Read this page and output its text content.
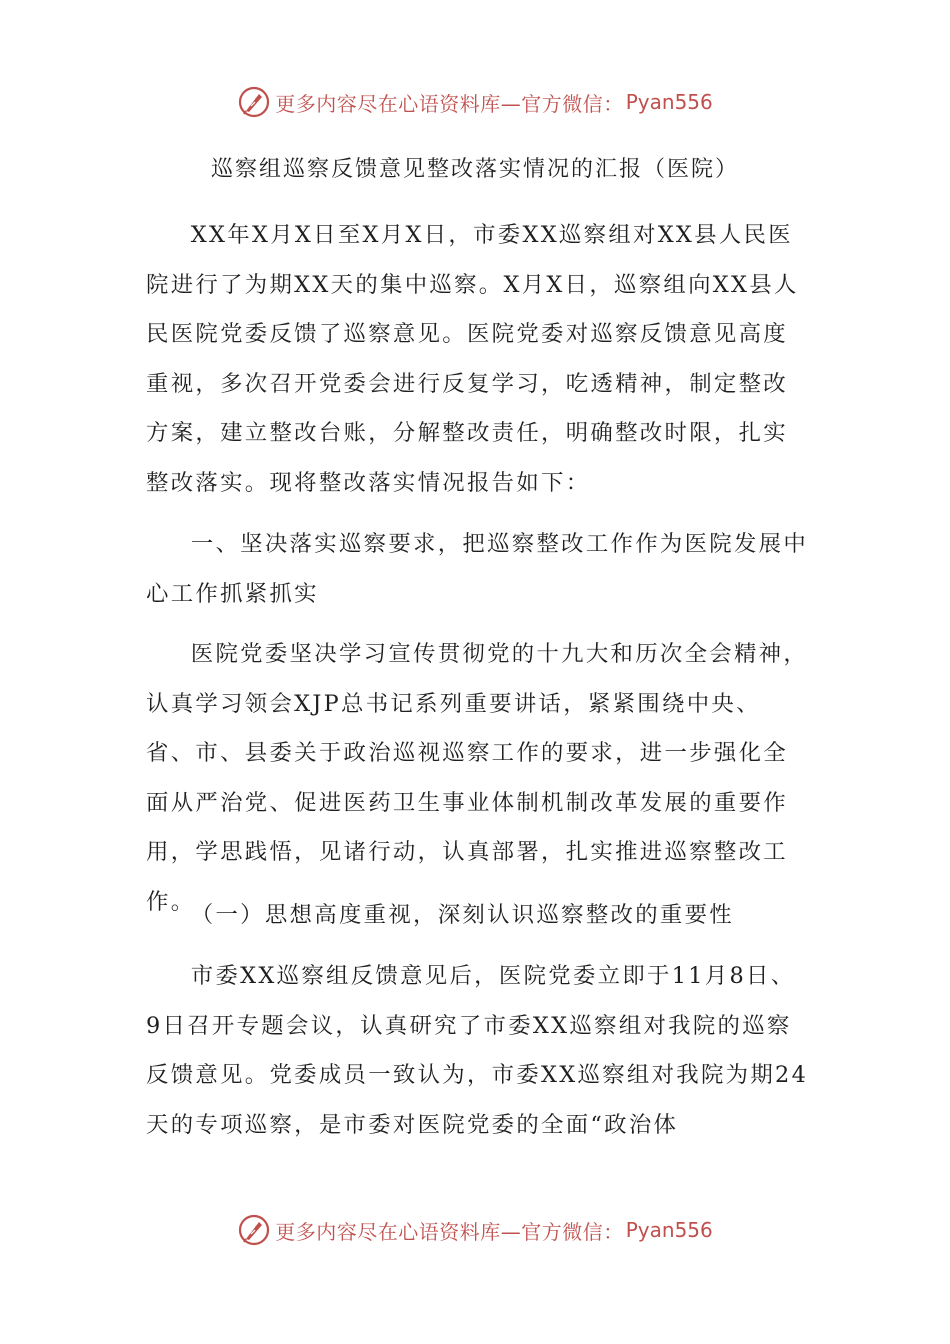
更多内容尽在心语资料库—官方微信： Pyan556
巡察组巡察反馈意见整改落实情况的汇报（医院）

XX年X月X日至X月X日，市委XX巡察组对XX县人民医院进行了为期XX天的集中巡察。X月X日，巡察组向XX县人民医院党委反馈了巡察意见。医院党委对巡察反馈意见高度重视，多次召开党委会进行反复学习，吃透精神，制定整改方案，建立整改台账，分解整改责任，明确整改时限，扎实整改落实。现将整改落实情况报告如下：

一、坚决落实巡察要求，把巡察整改工作作为医院发展中心工作抓紧抓实

医院党委坚决学习宣传贯彻党的十九大和历次全会精神，认真学习领会XJP总书记系列重要讲话，紧紧围绕中央、省、市、县委关于政治巡视巡察工作的要求，进一步强化全面从严治党、促进医药卫生事业体制机制改革发展的重要作用，学思践悟，见诸行动，认真部署，扎实推进巡察整改工作。

（一）思想高度重视，深刻认识巡察整改的重要性

市委XX巡察组反馈意见后，医院党委立即于11月8日、9日召开专题会议，认真研究了市委XX巡察组对我院的巡察反馈意见。党委成员一致认为，市委XX巡察组对我院为期24天的专项巡察，是市委对医院党委的全面“政治体

更多内容尽在心语资料库—官方微信： Pyan556
